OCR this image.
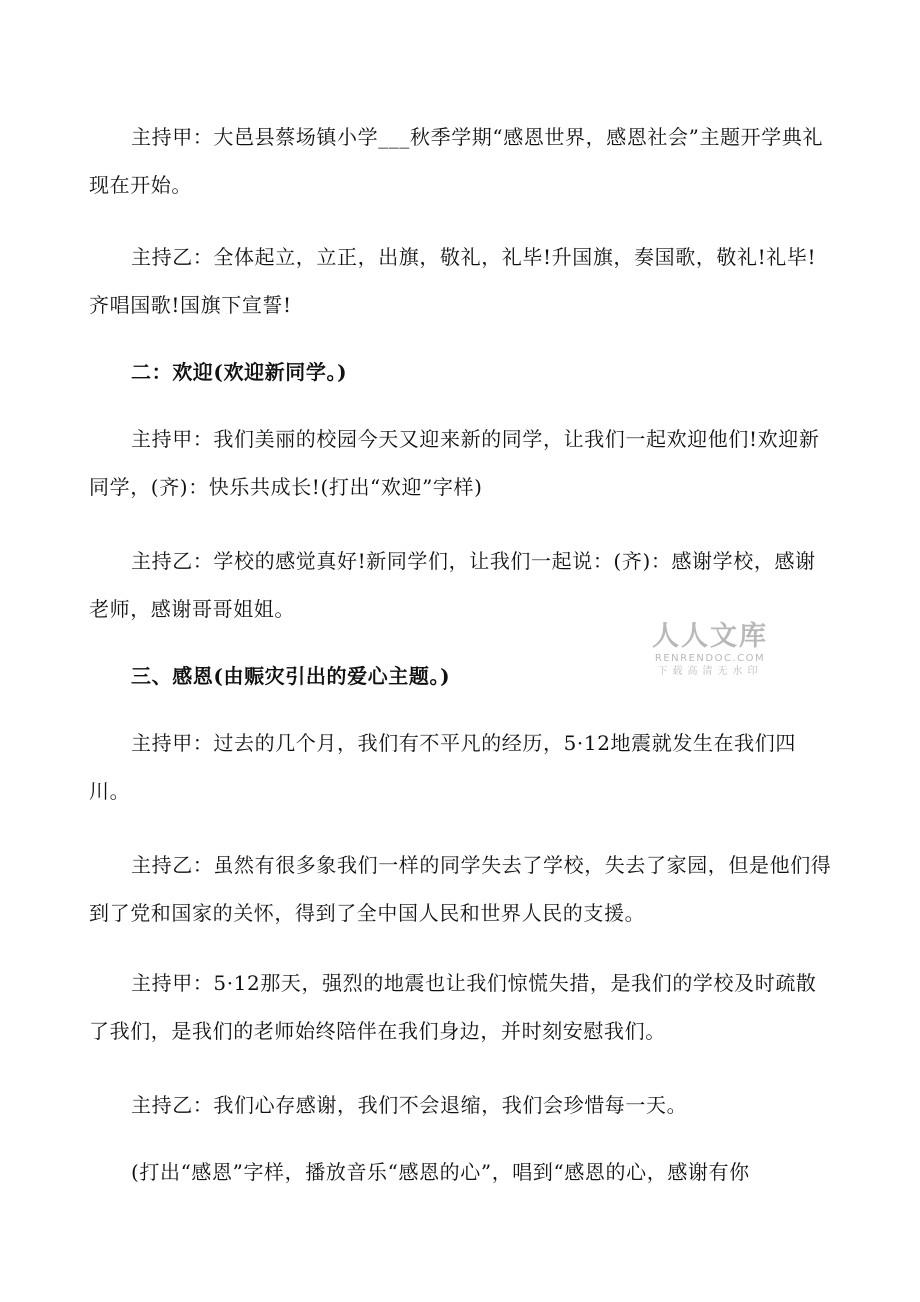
主持甲：大邑县蔡场镇小学___秋季学期“感恩世界，感恩社会”主题开学典礼现在开始。

主持乙：全体起立，立正，出旗，敬礼，礼毕!升国旗，奏国歌，敬礼!礼毕!齐唱国歌!国旗下宣誓!

二：欢迎(欢迎新同学。)

主持甲：我们美丽的校园今天又迎来新的同学，让我们一起欢迎他们!欢迎新同学，(齐)：快乐共成长!(打出“欢迎”字样)

主持乙：学校的感觉真好!新同学们，让我们一起说：(齐)：感谢学校，感谢老师，感谢哥哥姐姐。

三、感恩(由赈灾引出的爱心主题。)

主持甲：过去的几个月，我们有不平凡的经历，5·12地震就发生在我们四川。

主持乙：虽然有很多象我们一样的同学失去了学校，失去了家园，但是他们得到了党和国家的关怀，得到了全中国人民和世界人民的支援。

主持甲：5·12那天，强烈的地震也让我们惊慌失措，是我们的学校及时疏散了我们，是我们的老师始终陪伴在我们身边，并时刻安慰我们。

主持乙：我们心存感谢，我们不会退缩，我们会珍惜每一天。

(打出“感恩”字样，播放音乐“感恩的心”，唱到“感恩的心，感谢有你

人人文库
RENRENDOC.COM
下载高清无水印
